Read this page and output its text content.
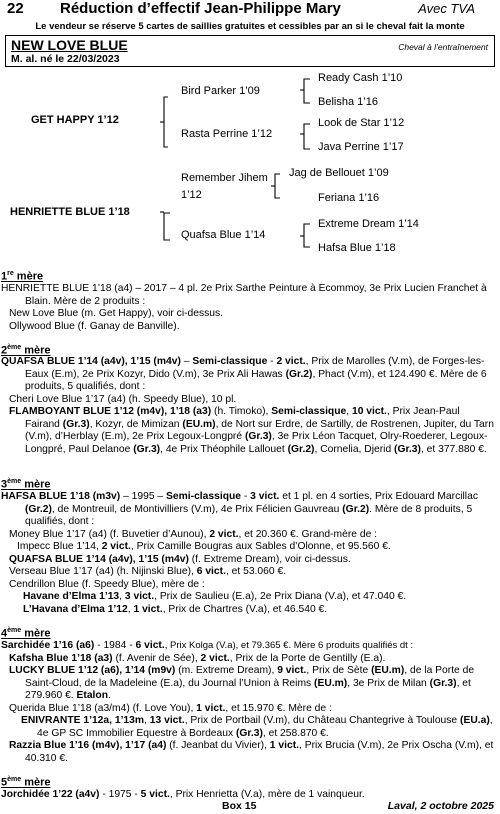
22 Réduction d’effectif Jean-Philippe Mary	Avec TVA
Le vendeur se réserve 5 cartes de saillies gratuites et cessibles par an si le cheval fait la monte
NEW LOVE BLUE
M. al. né le 22/03/2023
Cheval à l’entraînement
GET HAPPY 1’12
HENRIETTE BLUE 1’18
Bird Parker 1’09
Rasta Perrine 1’12
Remember Jihem
1’12
Quafsa Blue 1’14
Ready Cash 1’10
Belisha 1’16
Look de Star 1’12
Java Perrine 1’17
Jag de Bellouet 1’09
Feriana 1’16
Extreme Dream 1’14
Hafsa Blue 1’18
1re mère

HENRIETTE BLUE 1’18 (a4) – 2017 – 4 pl. 2e Prix Sarthe Peinture à Ecommoy, 3e Prix Lucien Franchet à Blain. Mère de 2 produits :

New Love Blue (m. Get Happy), voir ci-dessus.

Ollywood Blue (f. Ganay de Banville).

2ème mère

QUAFSA BLUE 1’14 (a4v), 1’15 (m4v) – Semi-classique - 2 vict., Prix de Marolles (V.m), de Forges-les-Eaux (E.m), 2e Prix Kozyr, Dido (V.m), 3e Prix Ali Hawas (Gr.2), Phact (V.m), et 124.490 €. Mère de 6 produits, 5 qualifiés, dont :

Cheri Love Blue 1’17 (a4) (h. Speedy Blue), 10 pl.

FLAMBOYANT BLUE 1’12 (m4v), 1’18 (a3) (h. Timoko), Semi-classique, 10 vict., Prix Jean-Paul Fairand (Gr.3), Kozyr, de Mimizan (EU.m), de Nort sur Erdre, de Sartilly, de Rostrenen, Jupiter, du Tarn (V.m), d’Herblay (E.m), 2e Prix Legoux-Longpré (Gr.3), 3e Prix Léon Tacquet, Olry-Roederer, Legoux-Longpré, Paul Delanoe (Gr.3), 4e Prix Théophile Lallouet (Gr.2), Cornelia, Djerid (Gr.3), et 377.880 €.

3ème mère

HAFSA BLUE 1’18 (m3v) – 1995 – Semi-classique - 3 vict. et 1 pl. en 4 sorties, Prix Edouard Marcillac (Gr.2), de Montreuil, de Montivilliers (V.m), 4e Prix Félicien Gauvreau (Gr.2). Mère de 8 produits, 5 qualifiés, dont :

Money Blue 1’17 (a4) (f. Buvetier d’Aunou), 2 vict., et 20.360 €. Grand-mère de :

Impecc Blue 1’14, 2 vict., Prix Camille Bougras aux Sables d’Olonne, et 95.560 €.

QUAFSA BLUE 1’14 (a4v), 1’15 (m4v) (f. Extreme Dream), voir ci-dessus.

Verseau Blue 1’17 (a4) (h. Nijinski Blue), 6 vict., et 53.060 €.

Cendrillon Blue (f. Speedy Blue), mère de :

Havane d’Elma 1’13, 3 vict., Prix de Saulieu (E.a), 2e Prix Diana (V.a), et 47.040 €.

L’Havana d’Elma 1’12, 1 vict., Prix de Chartres (V.a), et 46.540 €.

4ème mère

Sarchidée 1’16 (a6) - 1984 - 6 vict., Prix Kolga (V.a), et 79.365 €. Mère 6 produits qualifiés dt :

Kafsha Blue 1’18 (a3) (f. Avenir de Sée), 2 vict., Prix de la Porte de Gentilly (E.a).

LUCKY BLUE 1’12 (a6), 1’14 (m9v) (m. Extreme Dream), 9 vict., Prix de Sète (EU.m), de la Porte de Saint-Cloud, de la Madeleine (E.a), du Journal l’Union à Reims (EU.m), 3e Prix de Milan (Gr.3), et 279.960 €. Etalon.

Querida Blue 1’18 (a3/m4) (f. Love You), 1 vict., et 15.970 €. Mère de :

ENIVRANTE 1’12a, 1’13m, 13 vict., Prix de Portbail (V.m), du Château Chantegrive à Toulouse (EU.a), 4e GP SC Immobilier Equestre à Bordeaux (Gr.3), et 258.870 €.

Razzia Blue 1’16 (m4v), 1’17 (a4) (f. Jeanbat du Vivier), 1 vict., Prix Brucia (V.m), 2e Prix Oscha (V.m), et 40.310 €.

5ème mère

Jorchidée 1’22 (a4v) - 1975 - 5 vict., Prix Henrietta (V.a), mère de 1 vainqueur.

Box 15	Laval, 2 octobre 2025
